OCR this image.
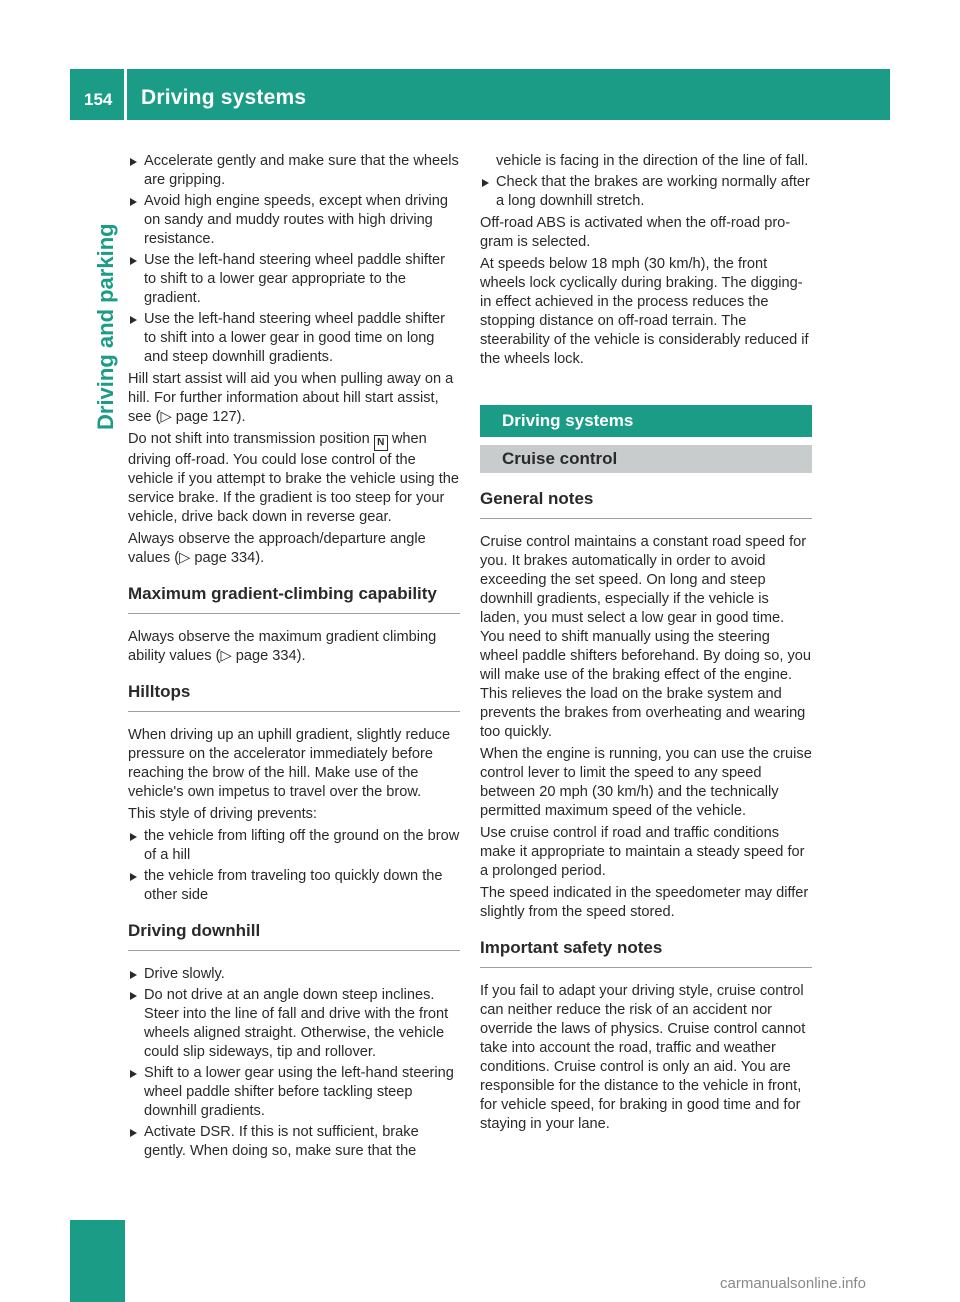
154 Driving systems
Driving and parking
Accelerate gently and make sure that the wheels are gripping.
Avoid high engine speeds, except when driving on sandy and muddy routes with high driving resistance.
Use the left-hand steering wheel paddle shifter to shift to a lower gear appropriate to the gradient.
Use the left-hand steering wheel paddle shifter to shift into a lower gear in good time on long and steep downhill gradients.

Hill start assist will aid you when pulling away on a hill. For further information about hill start assist, see (▷ page 127).

Do not shift into transmission position N when driving off-road. You could lose control of the vehicle if you attempt to brake the vehicle using the service brake. If the gradient is too steep for your vehicle, drive back down in reverse gear.

Always observe the approach/departure angle values (▷ page 334).

Maximum gradient-climbing capability

Always observe the maximum gradient climbing ability values (▷ page 334).

Hilltops

When driving up an uphill gradient, slightly reduce pressure on the accelerator immediately before reaching the brow of the hill. Make use of the vehicle's own impetus to travel over the brow.

This style of driving prevents:

the vehicle from lifting off the ground on the brow of a hill
the vehicle from traveling too quickly down the other side
Driving downhill
Drive slowly.
Do not drive at an angle down steep inclines. Steer into the line of fall and drive with the front wheels aligned straight. Otherwise, the vehicle could slip sideways, tip and rollover.
Shift to a lower gear using the left-hand steering wheel paddle shifter before tackling steep downhill gradients.
Activate DSR. If this is not sufficient, brake gently. When doing so, make sure that the
vehicle is facing in the direction of the line of fall.
Check that the brakes are working normally after a long downhill stretch.

Off-road ABS is activated when the off-road program is selected.

At speeds below 18 mph (30 km/h), the front wheels lock cyclically during braking. The digging-in effect achieved in the process reduces the stopping distance on off-road terrain. The steerability of the vehicle is considerably reduced if the wheels lock.

Driving systems
Cruise control
General notes

Cruise control maintains a constant road speed for you. It brakes automatically in order to avoid exceeding the set speed. On long and steep downhill gradients, especially if the vehicle is laden, you must select a low gear in good time. You need to shift manually using the steering wheel paddle shifters beforehand. By doing so, you will make use of the braking effect of the engine. This relieves the load on the brake system and prevents the brakes from overheating and wearing too quickly.

When the engine is running, you can use the cruise control lever to limit the speed to any speed between 20 mph (30 km/h) and the technically permitted maximum speed of the vehicle.

Use cruise control if road and traffic conditions make it appropriate to maintain a steady speed for a prolonged period.

The speed indicated in the speedometer may differ slightly from the speed stored.

Important safety notes

If you fail to adapt your driving style, cruise control can neither reduce the risk of an accident nor override the laws of physics. Cruise control cannot take into account the road, traffic and weather conditions. Cruise control is only an aid. You are responsible for the distance to the vehicle in front, for vehicle speed, for braking in good time and for staying in your lane.

carmanualsonline.info
